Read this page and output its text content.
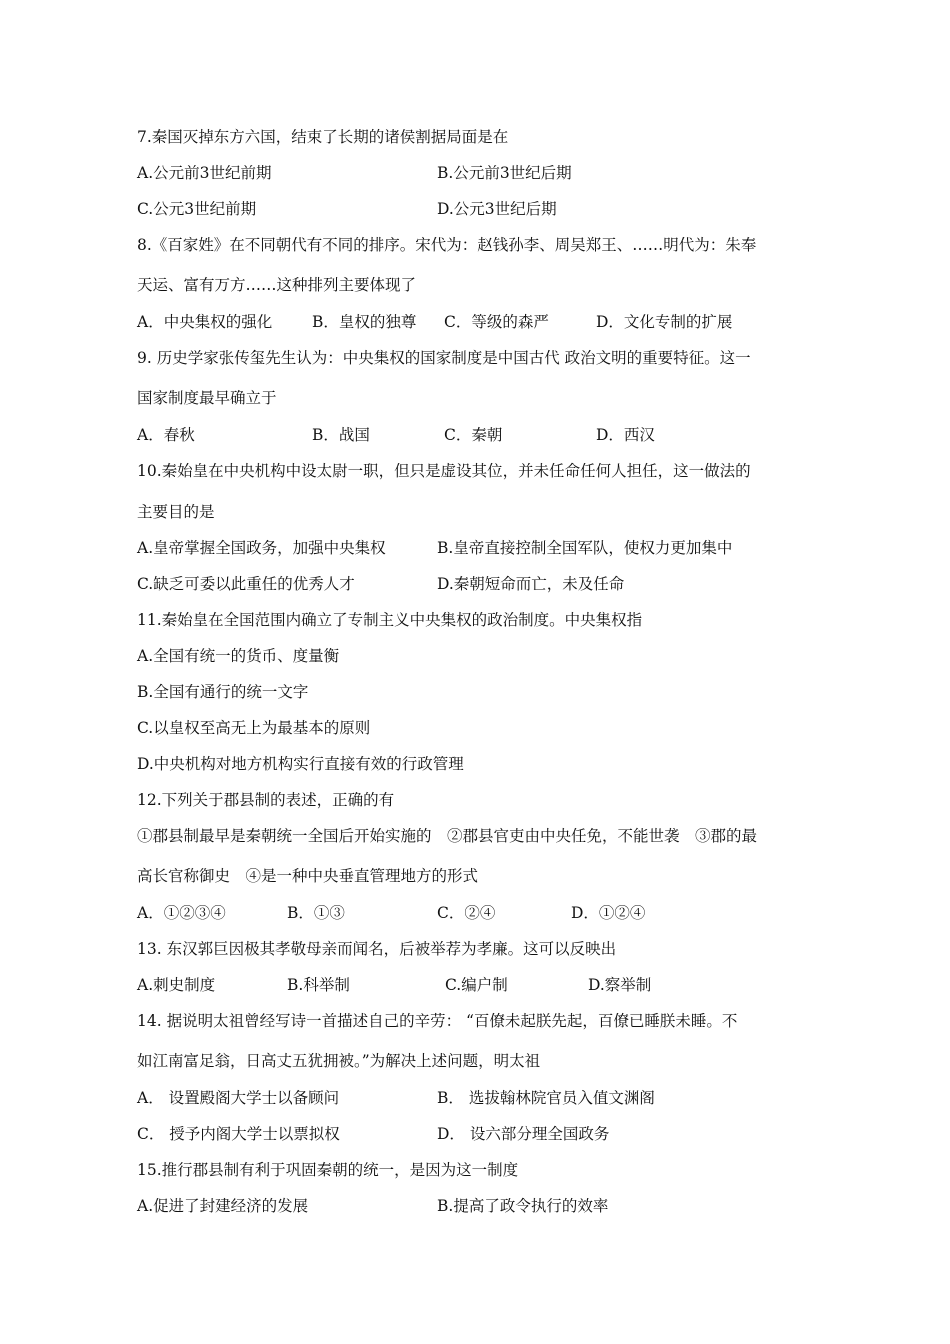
7.秦国灭掉东方六国，结束了长期的诸侯割据局面是在
A.公元前3世纪前期	B.公元前3世纪后期
C.公元3世纪前期	D.公元3世纪后期
8.《百家姓》在不同朝代有不同的排序。宋代为：赵钱孙李、周吴郑王、……明代为：朱奉
天运、富有万方……这种排列主要体现了
A．中央集权的强化	B．皇权的独尊 C．等级的森严	D．文化专制的扩展
9. 历史学家张传玺先生认为：中央集权的国家制度是中国古代 政治文明的重要特征。这一
国家制度最早确立于
A．春秋	B．战国	C．秦朝	D．西汉
10.秦始皇在中央机构中设太尉一职，但只是虚设其位，并未任命任何人担任，这一做法的
主要目的是
A.皇帝掌握全国政务，加强中央集权	B.皇帝直接控制全国军队，使权力更加集中
C.缺乏可委以此重任的优秀人才	D.秦朝短命而亡，未及任命
11.秦始皇在全国范围内确立了专制主义中央集权的政治制度。中央集权指
A.全国有统一的货币、度量衡
B.全国有通行的统一文字
C.以皇权至高无上为最基本的原则
D.中央机构对地方机构实行直接有效的行政管理
12.下列关于郡县制的表述，正确的有
①郡县制最早是秦朝统一全国后开始实施的　②郡县官吏由中央任免，不能世袭　③郡的最
高长官称御史　④是一种中央垂直管理地方的形式
A．①②③④	B．①③	C．②④	D．①②④
13. 东汉郭巨因极其孝敬母亲而闻名，后被举荐为孝廉。这可以反映出
A.刺史制度	B.科举制	C.编户制	D.察举制
14. 据说明太祖曾经写诗一首描述自己的辛劳： “百僚未起朕先起，百僚已睡朕未睡。不
如江南富足翁，日高丈五犹拥被。”为解决上述问题，明太祖
A． 设置殿阁大学士以备顾问	B． 选拔翰林院官员入值文渊阁
C． 授予内阁大学士以票拟权	D． 设六部分理全国政务
15.推行郡县制有利于巩固秦朝的统一，是因为这一制度
A.促进了封建经济的发展	B.提高了政令执行的效率
